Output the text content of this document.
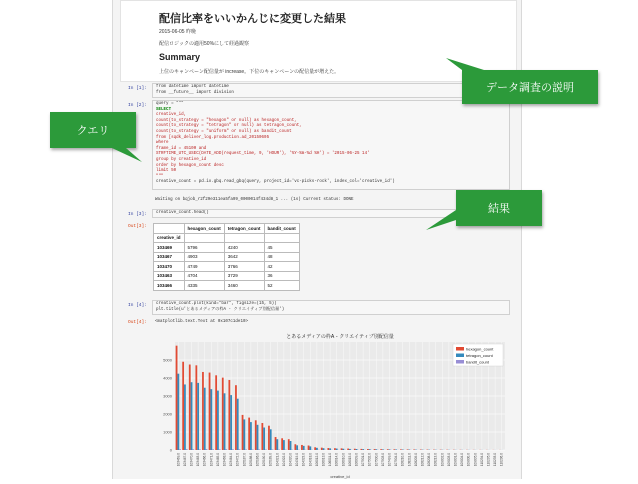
配信比率をいいかんじに変更した結果
2015-06-05 昨晩
配信ロジックの適用50%にして経過観察
Summary
上位のキャンペーン配信量が increase。下位のキャンペーンの配信量が増えた。
In [1]: from datetime import datetime
from __future__ import division
In [2]: query = """
SELECT
creative_id,
count(to_strategy = "hexagon" or null) as hexagon_count,
count(to_strategy = "tetragon" or null) as tetragon_count,
count(to_strategy = "uniform" or null) as bandit_count
from [sqdk_deliver_log.production.ad_20150605
where
frame_id = 45100 and
STRFTIME_UTC_USEC(DATE_ADD(request_time, 9, 'HOUR'), '%Y-%m-%d %H') = '2015-06-25 14'
group by creative_id
order by hexagon_count desc
limit 50
"""
creative_count = pd.io.gbq.read_gbq(query, project_id='vc-picks-rock', index_col='creative_id')
Waiting on bqjob_r2f29e311ea5fa99_0000014f434d8_1 ... (1s) Current status: DONE
In [3]: creative_count.head()
Out[3]:
		hexagon_count	tetragon_count	bandit_count
creative_id			
103469	5796	4240	45
103467	4903	3642	48
103470	4749	3766	42
103463	4704	3729	36
103466	4335	3460	52
In [4]: creative_count.plot(kind="bar", figsize=(15, 5))
plt.title(u'とあるメディアの枠A - クリエイティブ別配信量')
Out[4]: <matplotlib.text.Text at 0x107c1de10>
0
1000
2000
3000
4000
5000
とあるメディアの枠A - クリエイティブ別配信量
103469.0 103467.0 103470.0 103463.0 103466.0 103471.0 103465.0 103468.0 103464.0 103472.0 105187.0 105188.0 105186.0 105190.0 105189.0 104321.0 104322.0 104320.0 104319.0 104323.0 104318.0 106012.0 106013.0 106011.0 106014.0 106010.0 106015.0 106009.0 107501.0 107502.0 107500.0 107503.0 107499.0 107504.0 108210.0 108211.0 108209.0 108212.0 108208.0 108213.0 109002.0 109003.0 109001.0 109004.0 109000.0 109005.0 110234.0 110235.0 110233.0 110236.0
creative_id
hexagon_count
tetragon_count
bandit_count
データ調査の説明
クエリ
結果
